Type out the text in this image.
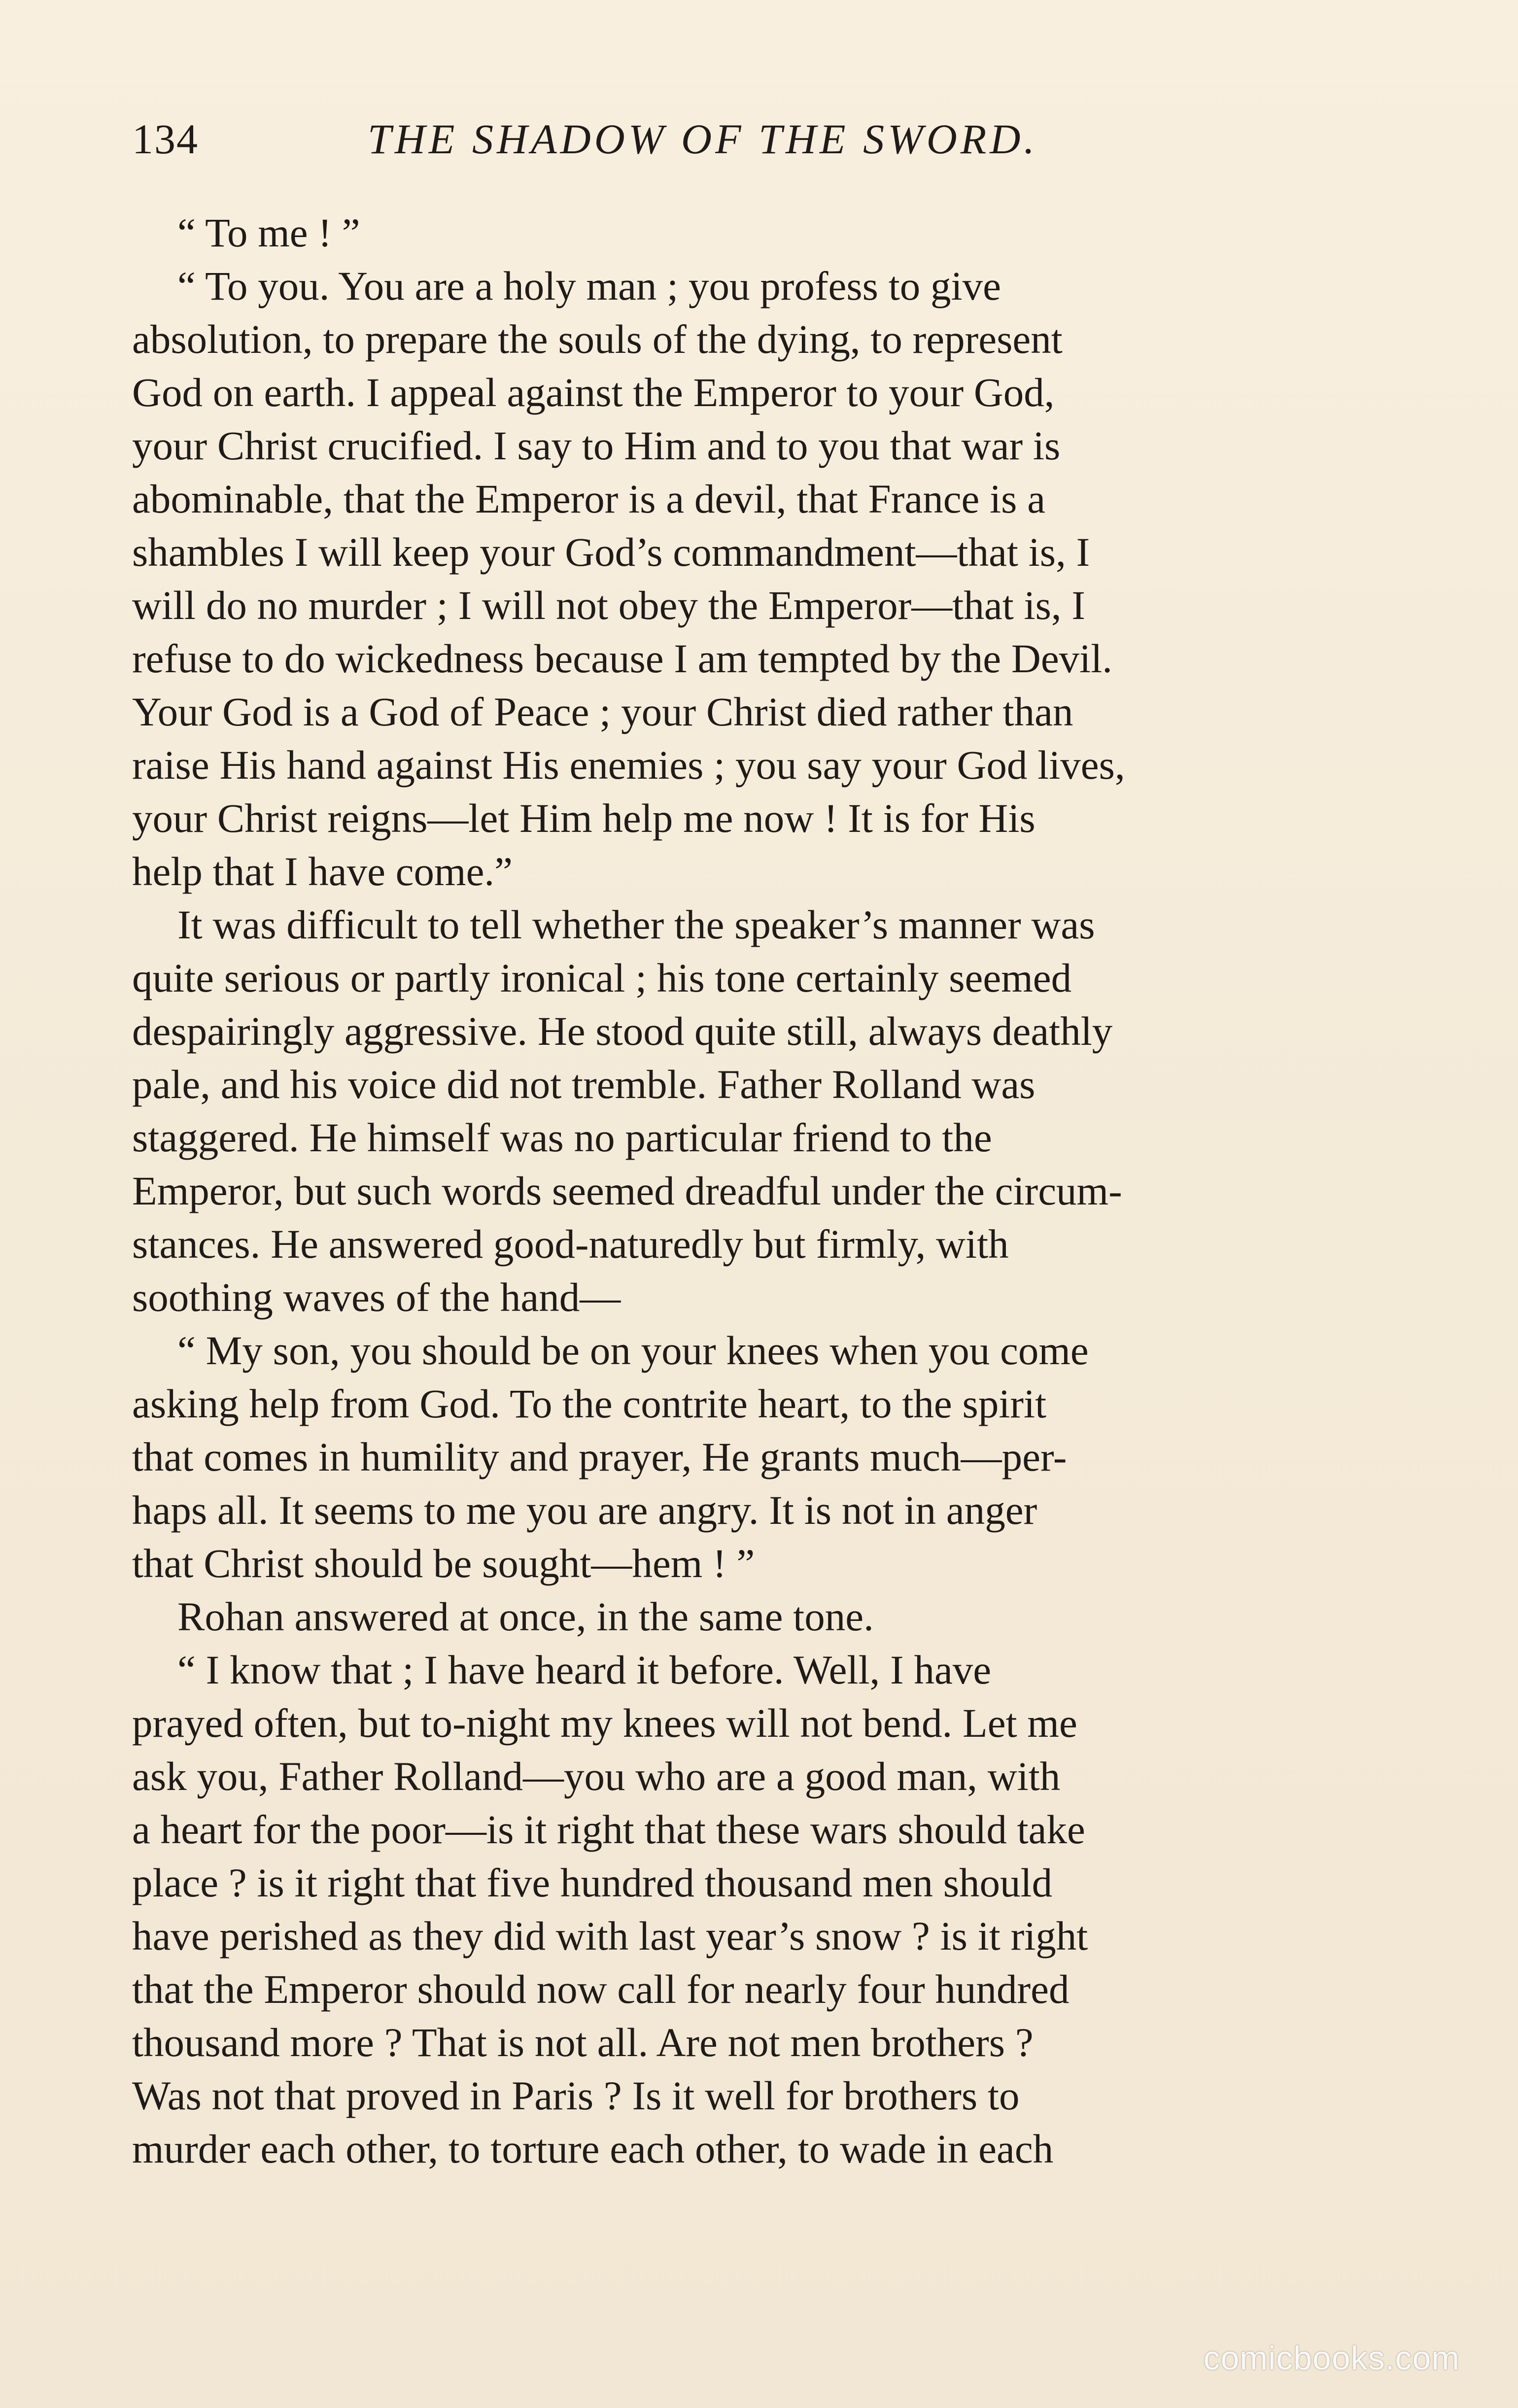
134	THE SHADOW OF THE SWORD.
“ To me ! ”
“ To you. You are a holy man ; you profess to give
absolution, to prepare the souls of the dying, to represent
God on earth. I appeal against the Emperor to your God,
your Christ crucified. I say to Him and to you that war is
abominable, that the Emperor is a devil, that France is a
shambles I will keep your God’s commandment—that is, I
will do no murder ; I will not obey the Emperor—that is, I
refuse to do wickedness because I am tempted by the Devil.
Your God is a God of Peace ; your Christ died rather than
raise His hand against His enemies ; you say your God lives,
your Christ reigns—let Him help me now ! It is for His
help that I have come.”
It was difficult to tell whether the speaker’s manner was
quite serious or partly ironical ; his tone certainly seemed
despairingly aggressive. He stood quite still, always deathly
pale, and his voice did not tremble. Father Rolland was
staggered. He himself was no particular friend to the
Emperor, but such words seemed dreadful under the circum-
stances. He answered good-naturedly but firmly, with
soothing waves of the hand—
“ My son, you should be on your knees when you come
asking help from God. To the contrite heart, to the spirit
that comes in humility and prayer, He grants much—per-
haps all. It seems to me you are angry. It is not in anger
that Christ should be sought—hem ! ”
Rohan answered at once, in the same tone.
“ I know that ; I have heard it before. Well, I have
prayed often, but to-night my knees will not bend. Let me
ask you, Father Rolland—you who are a good man, with
a heart for the poor—is it right that these wars should take
place ? is it right that five hundred thousand men should
have perished as they did with last year’s snow ? is it right
that the Emperor should now call for nearly four hundred
thousand more ? That is not all. Are not men brothers ?
Was not that proved in Paris ? Is it well for brothers to
murder each other, to torture each other, to wade in each
comicbooks.com
